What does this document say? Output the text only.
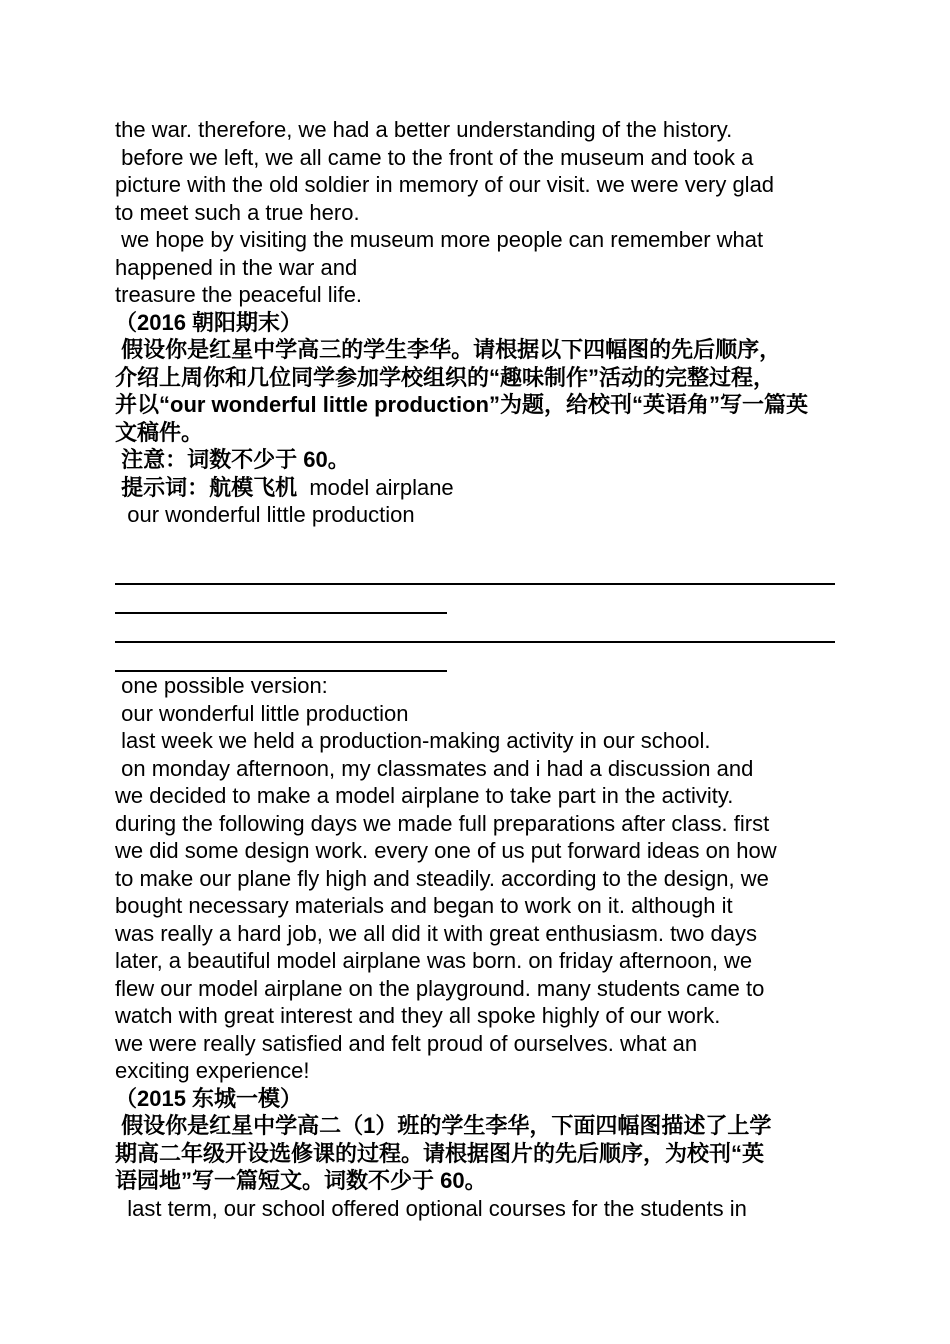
the war. therefore, we had a better understanding of the history.

before we left, we all came to the front of the museum and took a

picture with the old soldier in memory of our visit. we were very glad

to meet such a true hero.

we hope by visiting the museum more people can remember what

happened in the war and

treasure the peaceful life.

（2016 朝阳期末）

假设你是红星中学高三的学生李华。请根据以下四幅图的先后顺序，

介绍上周你和几位同学参加学校组织的“趣味制作”活动的完整过程，

并以“our wonderful little production”为题，给校刊“英语角”写一篇英

文稿件。

注意：词数不少于 60。

提示词：航模飞机  model airplane

our wonderful little production

one possible version:

our wonderful little production

last week we held a production-making activity in our school.

on monday afternoon, my classmates and i had a discussion and

we decided to make a model airplane to take part in the activity.

during the following days we made full preparations after class. first

we did some design work. every one of us put forward ideas on how

to make our plane fly high and steadily. according to the design, we

bought necessary materials and began to work on it. although it

was really a hard job, we all did it with great enthusiasm. two days

later, a beautiful model airplane was born. on friday afternoon, we

flew our model airplane on the playground. many students came to

watch with great interest and they all spoke highly of our work.

we were really satisfied and felt proud of ourselves. what an

exciting experience!

（2015 东城一模）

假设你是红星中学高二（1）班的学生李华，下面四幅图描述了上学

期高二年级开设选修课的过程。请根据图片的先后顺序，为校刊“英

语园地”写一篇短文。词数不少于 60。

last term, our school offered optional courses for the students in
